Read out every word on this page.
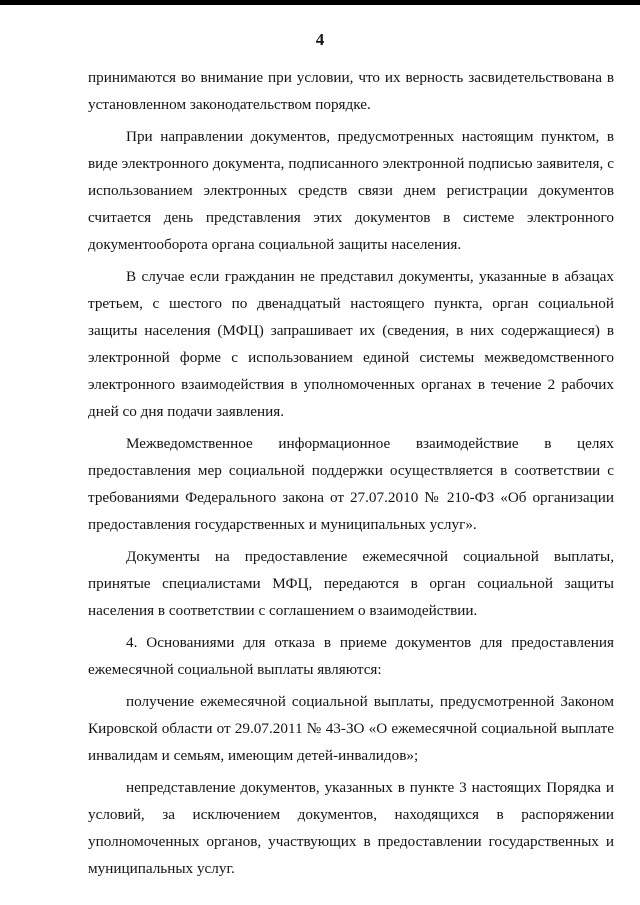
4
принимаются во внимание при условии, что их верность засвидетельствована в
установленном законодательством порядке.
При направлении документов, предусмотренных настоящим пунктом, в
виде электронного документа, подписанного электронной подписью заявителя, с
использованием электронных средств связи днем регистрации документов
считается день представления этих документов в системе электронного
документооборота органа социальной защиты населения.
В случае если гражданин не представил документы, указанные в абзацах
третьем, с шестого по двенадцатый настоящего пункта, орган социальной
защиты населения (МФЦ) запрашивает их (сведения, в них содержащиеся) в
электронной форме с использованием единой системы межведомственного
электронного взаимодействия в уполномоченных органах в течение 2 рабочих
дней со дня подачи заявления.
Межведомственное информационное взаимодействие в целях
предоставления мер социальной поддержки осуществляется в соответствии с
требованиями Федерального закона от 27.07.2010 № 210-ФЗ «Об организации
предоставления государственных и муниципальных услуг».
Документы на предоставление ежемесячной социальной выплаты,
принятые специалистами МФЦ, передаются в орган социальной защиты
населения в соответствии с соглашением о взаимодействии.
4. Основаниями для отказа в приеме документов для предоставления
ежемесячной социальной выплаты являются:
получение ежемесячной социальной выплаты, предусмотренной Законом
Кировской области от 29.07.2011 № 43-ЗО «О ежемесячной социальной выплате
инвалидам и семьям, имеющим детей-инвалидов»;
непредставление документов, указанных в пункте 3 настоящих Порядка и
условий, за исключением документов, находящихся в распоряжении
уполномоченных органов, участвующих в предоставлении государственных и
муниципальных услуг.
